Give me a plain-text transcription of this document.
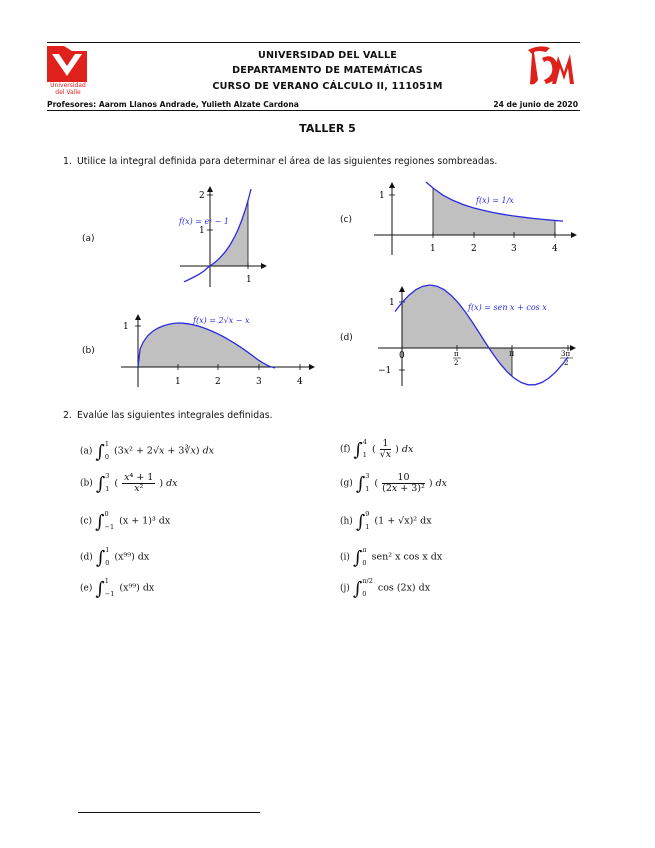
Universidad del Valle
UNIVERSIDAD DEL VALLE
DEPARTAMENTO DE MATEMÁTICAS
CURSO DE VERANO CÁLCULO II, 111051M
Profesores: Aarom Llanos Andrade, Yulieth Alzate Cardona	24 de junio de 2020
TALLER 5
1. Utilice la integral definida para determinar el área de las siguientes regiones sombreadas.
(a)
(c)
(b)
(d)
1
1
2
f(x) = eˣ − 1
1	2	3	4
1	f(x) = 1/x
1	2	3	4
1
f(x) = 2√x − x
0	π
2
π	3π
2
1
−1
f(x) = sen x + cos x
2. Evalúe las siguientes integrales definidas.
(a) ∫ 1
0
(3x² + 2√x + 3∛x) dx
(b) ∫ 3
1
( $\frac{\text{x⁴ + 1}}{\text{x²}}$ ) dx
(c) ∫ 0
−1
(x + 1)³ dx
(d) ∫ 1
0
(x⁹⁹) dx
(e) ∫ 1
−1
(x⁹⁹) dx
(f) ∫ 4
1
( $\frac{1}{√x}$ ) dx
(g) ∫ 3
1
( $\frac{10}{\text{(2x + 3)²}}$ ) dx
(h) ∫ 9
1
(1 + √x)² dx
(i) ∫ π
0
sen² x cos x dx
(j) ∫ π/2
0
cos (2x) dx
